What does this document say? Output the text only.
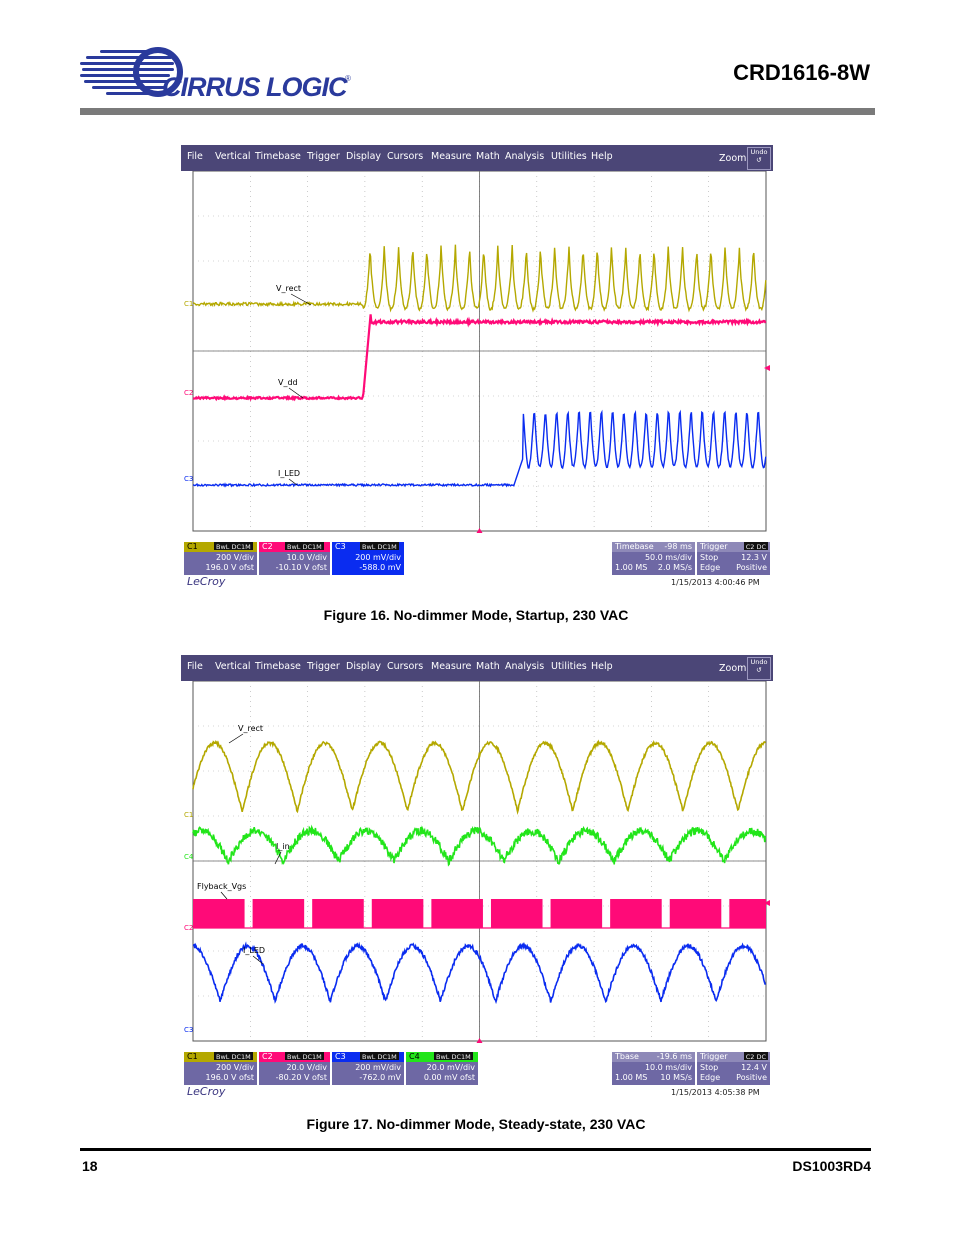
CIRRUS LOGIC
®	CRD1616-8W
File Vertical Timebase Trigger Display Cursors Measure Math Analysis Utilities Help	Zoom
Undo
↺
C1
C2
C3
V_rect
V_dd
I_LED
C1	BwL DC1M
200 V/div
196.0 V ofst
C2	BwL DC1M
10.0 V/div
-10.10 V ofst
C3	BwL DC1M
200 mV/div
-588.0 mV
Timebase -98 ms
50.0 ms/div
1.00 MS 2.0 MS/s
Trigger	C2 DC
Stop	12.3 V
Edge Positive
LeCroy	1/15/2013 4:00:46 PM
Figure 16. No-dimmer Mode, Startup, 230 VAC
File Vertical Timebase Trigger Display Cursors Measure Math Analysis Utilities Help	Zoom
Undo
↺
C1
C4
C2
C3
V_rect
I_in
Flyback_Vgs
I_LED
C1	BwL DC1M
200 V/div
196.0 V ofst
C2	BwL DC1M
20.0 V/div
-80.20 V ofst
C3	BwL DC1M
200 mV/div
-762.0 mV
C4	BwL DC1M
20.0 mV/div
0.00 mV ofst
Tbase -19.6 ms
10.0 ms/div
1.00 MS 10 MS/s
Trigger	C2 DC
Stop	12.4 V
Edge Positive
LeCroy	1/15/2013 4:05:38 PM
Figure 17. No-dimmer Mode, Steady-state, 230 VAC
18	DS1003RD4
